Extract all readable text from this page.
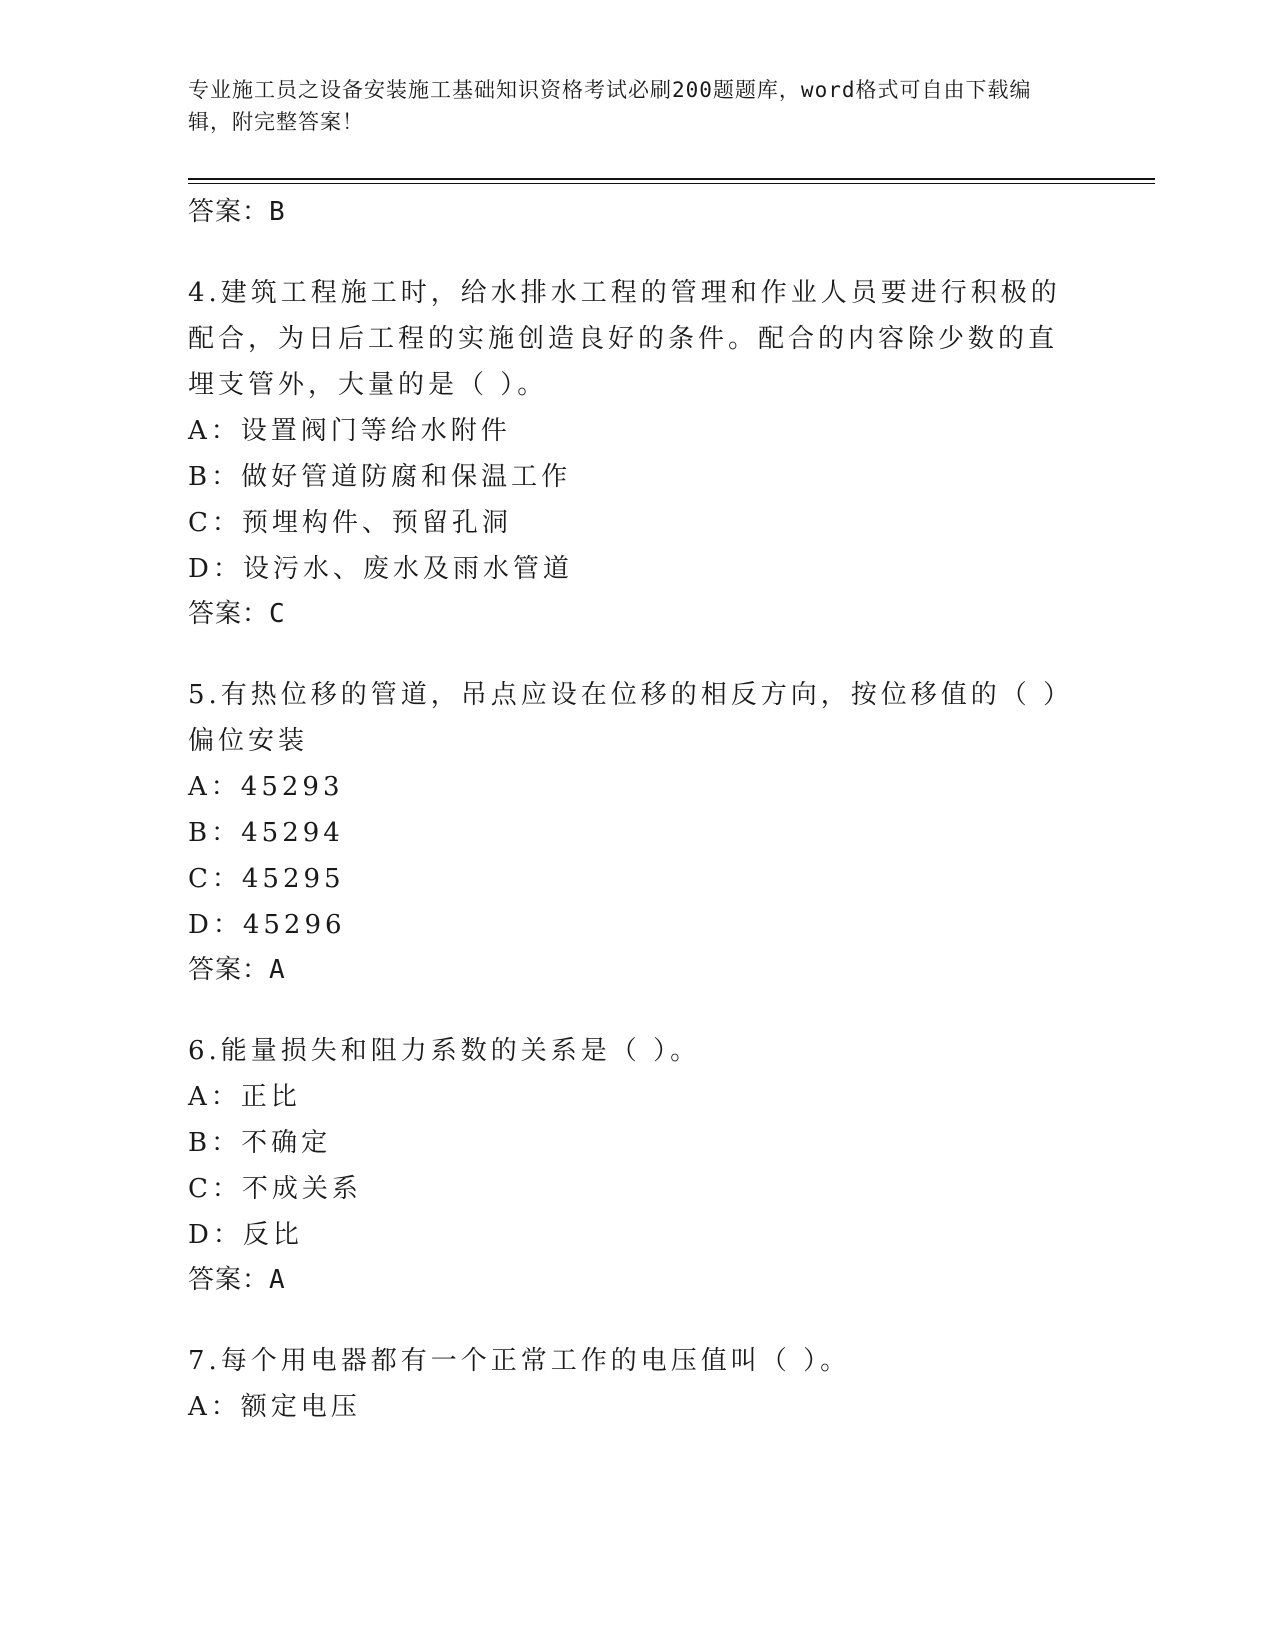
专业施工员之设备安装施工基础知识资格考试必刷200题题库，word格式可自由下载编辑，附完整答案！
答案：B
4.建筑工程施工时，给水排水工程的管理和作业人员要进行积极的配合，为日后工程的实施创造良好的条件。配合的内容除少数的直埋支管外，大量的是（ ）。
A：设置阀门等给水附件
B：做好管道防腐和保温工作
C：预埋构件、预留孔洞
D：设污水、废水及雨水管道
答案：C
5.有热位移的管道，吊点应设在位移的相反方向，按位移值的（ ）偏位安装
A：45293
B：45294
C：45295
D：45296
答案：A
6.能量损失和阻力系数的关系是（ ）。
A：正比
B：不确定
C：不成关系
D：反比
答案：A
7.每个用电器都有一个正常工作的电压值叫（ ）。
A：额定电压
